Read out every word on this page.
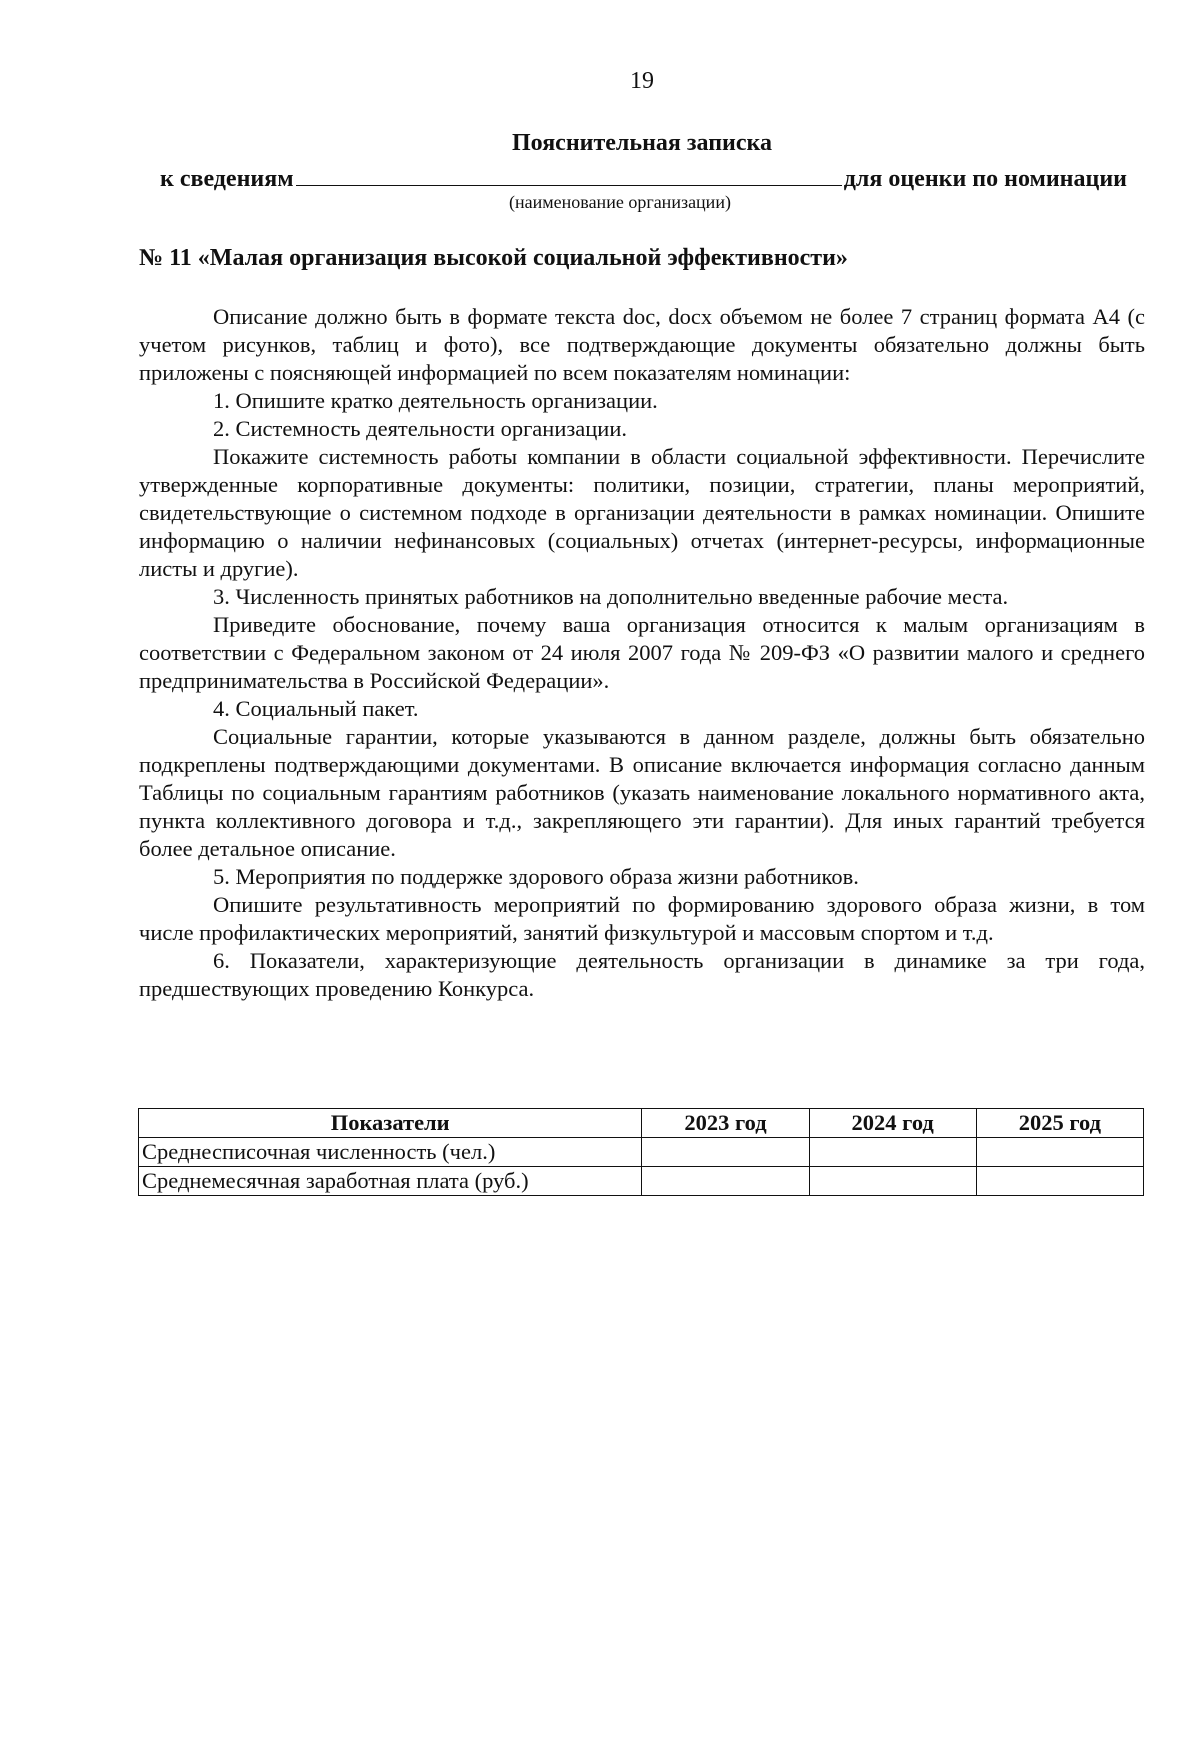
19
Пояснительная записка
к сведениям	для оценки по номинации
(наименование организации)
№ 11 «Малая организация высокой социальной эффективности»

Описание должно быть в формате текста doc, docx объемом не более 7 страниц формата А4 (с учетом рисунков, таблиц и фото), все подтверждающие документы обязательно должны быть приложены с поясняющей информацией по всем показателям номинации:

1. Опишите кратко деятельность организации.

2. Системность деятельности организации.

Покажите системность работы компании в области социальной эффективности. Перечислите утвержденные корпоративные документы: политики, позиции, стратегии, планы мероприятий, свидетельствующие о системном подходе в организации деятельности в рамках номинации. Опишите информацию о наличии нефинансовых (социальных) отчетах (интернет-ресурсы, информационные листы и другие).

3. Численность принятых работников на дополнительно введенные рабочие места.

Приведите обоснование, почему ваша организация относится к малым организациям в соответствии с Федеральном законом от 24 июля 2007 года № 209-ФЗ «О развитии малого и среднего предпринимательства в Российской Федерации».

4. Социальный пакет.

Социальные гарантии, которые указываются в данном разделе, должны быть обязательно подкреплены подтверждающими документами. В описание включается информация согласно данным Таблицы по социальным гарантиям работников (указать наименование локального нормативного акта, пункта коллективного договора и т.д., закрепляющего эти гарантии). Для иных гарантий требуется более детальное описание.

5. Мероприятия по поддержке здорового образа жизни работников.

Опишите результативность мероприятий по формированию здорового образа жизни, в том числе профилактических мероприятий, занятий физкультурой и массовым спортом и т.д.

6. Показатели, характеризующие деятельность организации в динамике за три года, предшествующих проведению Конкурса.

Показатели	2023 год	2024 год	2025 год
Среднесписочная численность (чел.)			
Среднемесячная заработная плата (руб.)			
